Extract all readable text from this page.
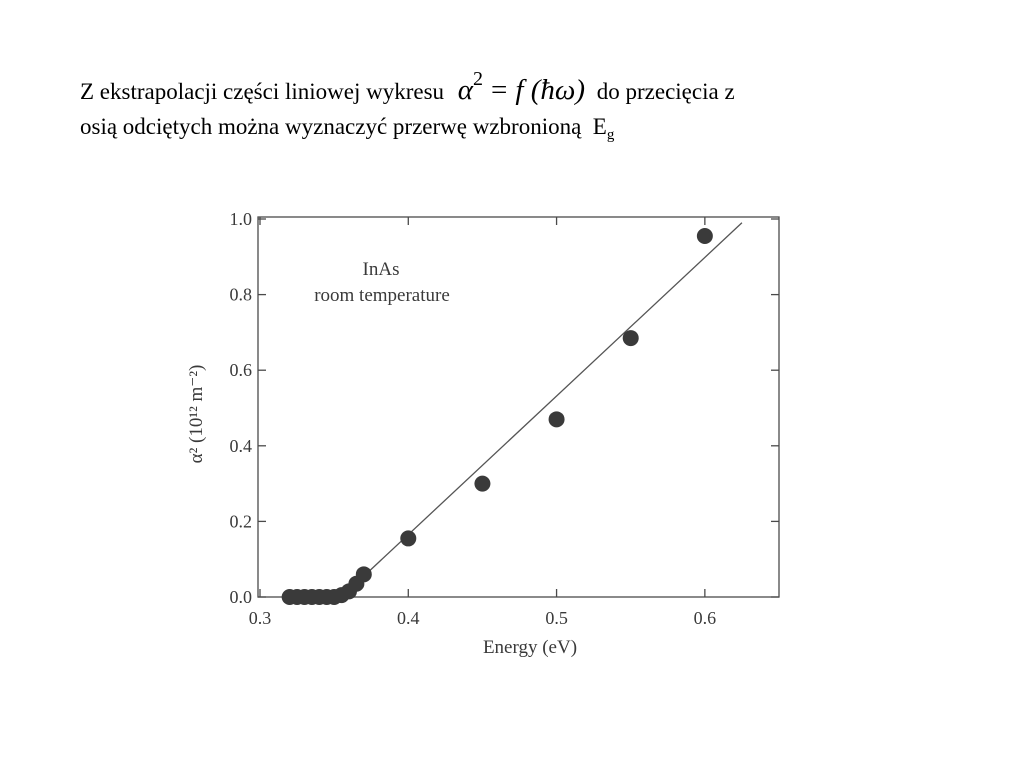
Z ekstrapolacji części liniowej wykresu $\alpha^2 = f$ (ħω) do przecięcia z
osią odciętych można wyznaczyć przerwę wzbronioną $E_g$
0.0
0.2
0.4
0.6
0.8
1.0
0.3	0.4	0.5	0.6
InAs
room temperature
Energy (eV)
α² (10¹² m⁻²)
